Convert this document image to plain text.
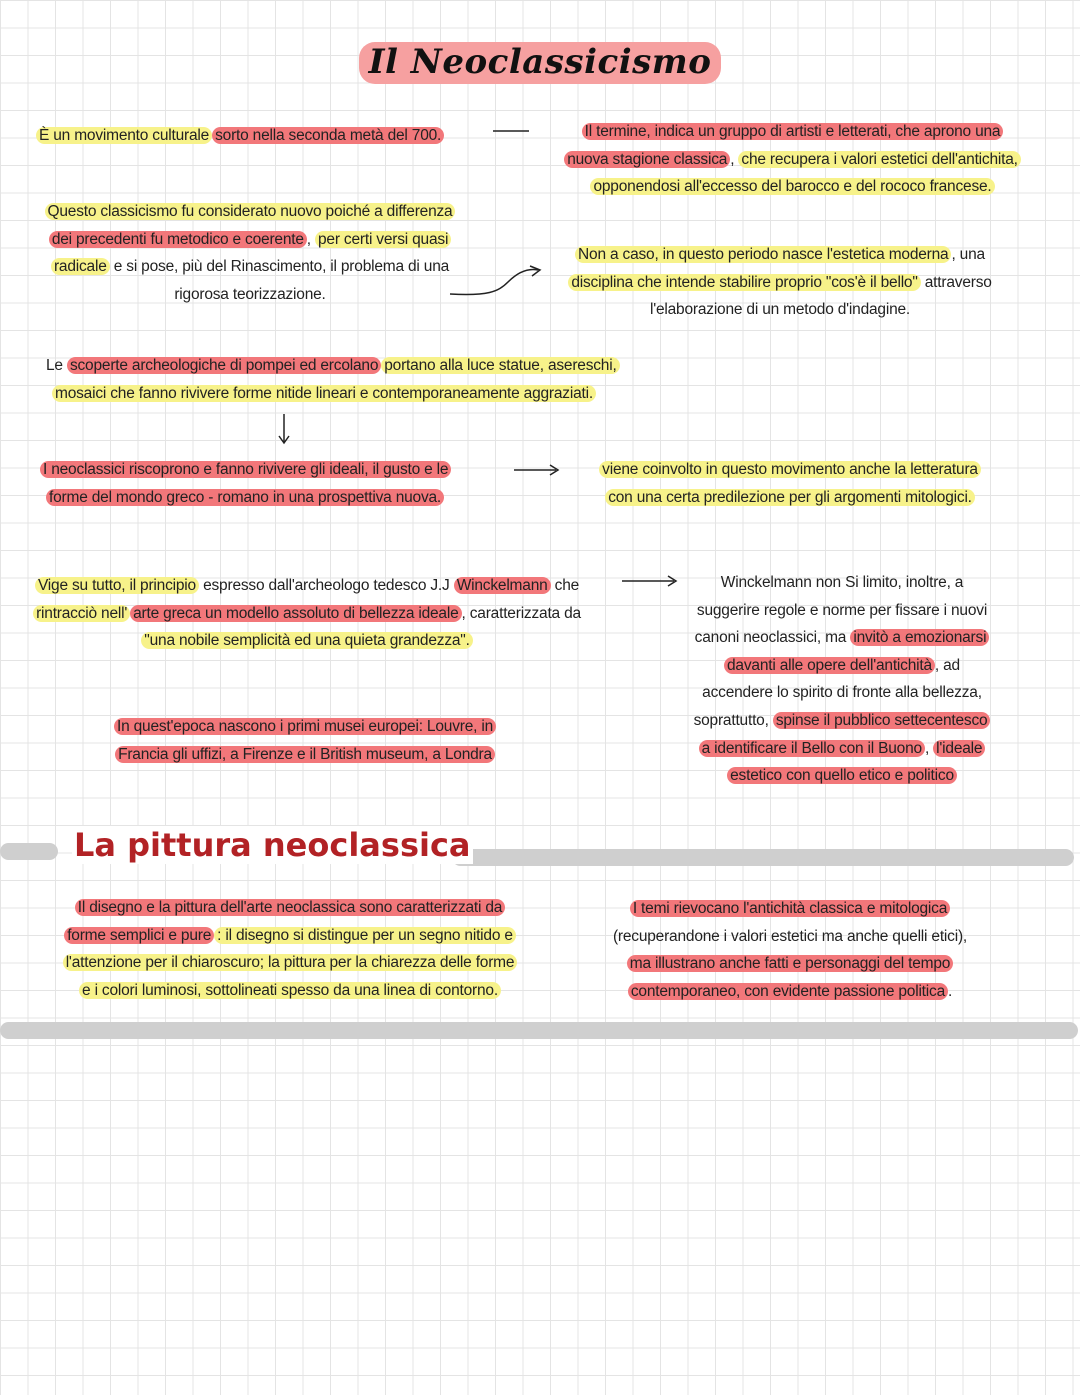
Il Neoclassicismo
È un movimento culturale sorto nella seconda metà del 700.	Il termine, indica un gruppo di artisti e letterati, che aprono una
nuova stagione classica , che recupera i valori estetici dell'antichita,
opponendosi all'eccesso del barocco e del rococo francese.
Questo classicismo fu considerato nuovo poiché a differenza
dei precedenti fu metodico e coerente , per certi versi quasi
radicale e si pose, più del Rinascimento, il problema di una
rigorosa teorizzazione.
Non a caso, in questo periodo nasce l'estetica moderna , una
disciplina che intende stabilire proprio "cos'è il bello" attraverso
l'elaborazione di un metodo d'indagine.
Le scoperte archeologiche di pompei ed ercolano portano alla luce statue, asereschi,
mosaici che fanno rivivere forme nitide lineari e contemporaneamente aggraziati.
I neoclassici riscoprono e fanno rivivere gli ideali, il gusto e le
forme del mondo greco - romano in una prospettiva nuova.
viene coinvolto in questo movimento anche la letteratura
con una certa predilezione per gli argomenti mitologici.
Vige su tutto, il principio espresso dall'archeologo tedesco J.J Winckelmann che
rintracciò nell' arte greca un modello assoluto di bellezza ideale , caratterizzata da
"una nobile semplicità ed una quieta grandezza".
Winckelmann non Si limito, inoltre, a
suggerire regole e norme per fissare i nuovi
canoni neoclassici, ma invitò a emozionarsi
davanti alle opere dell'antichità , ad
accendere lo spirito di fronte alla bellezza,
soprattutto, spinse il pubblico settecentesco
a identificare il Bello con il Buono , l'ideale
estetico con quello etico e politico
In quest'epoca nascono i primi musei europei: Louvre, in
Francia gli uffizi, a Firenze e il British museum, a Londra
La pittura neoclassica
Il disegno e la pittura dell'arte neoclassica sono caratterizzati da
forme semplici e pure : il disegno si distingue per un segno nitido e
l'attenzione per il chiaroscuro; la pittura per la chiarezza delle forme
e i colori luminosi, sottolineati spesso da una linea di contorno.
I temi rievocano l'antichità classica e mitologica
(recuperandone i valori estetici ma anche quelli etici),
ma illustrano anche fatti e personaggi del tempo
contemporaneo, con evidente passione politica .
